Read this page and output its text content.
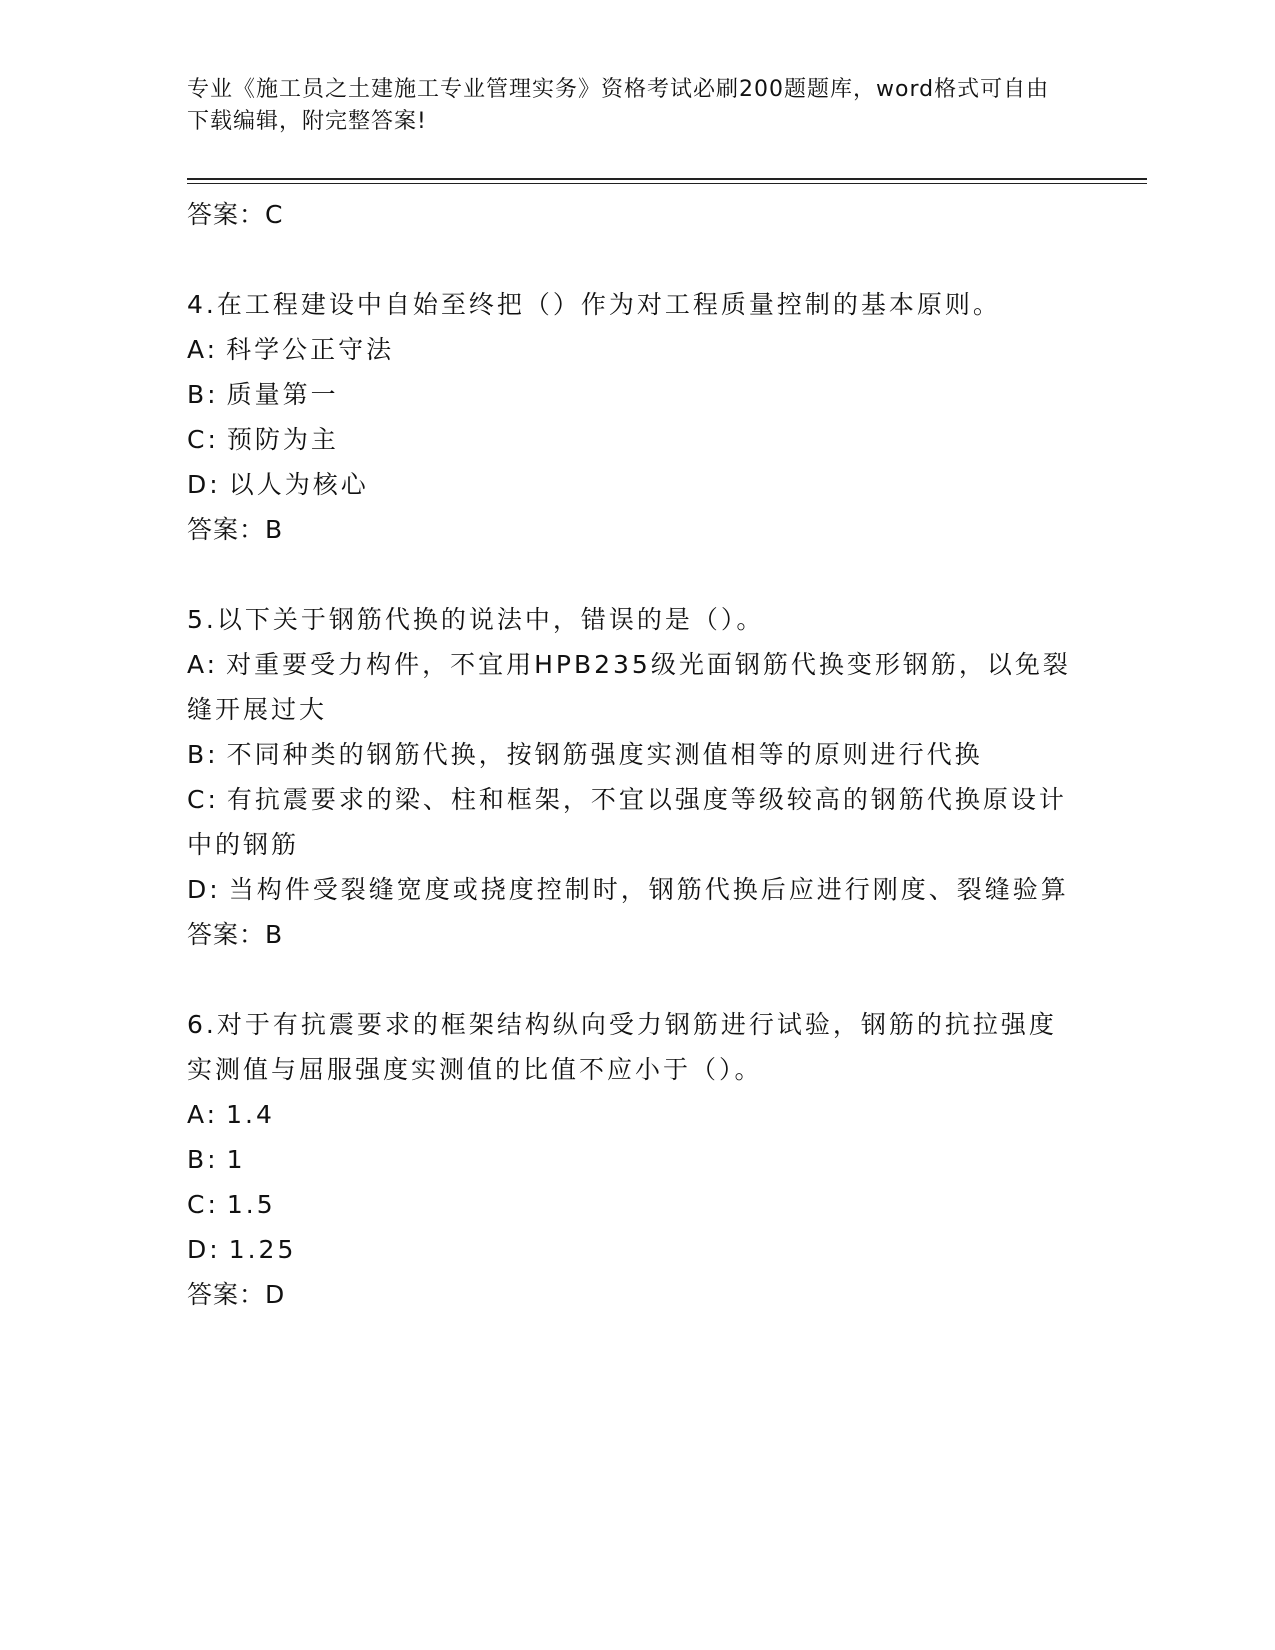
专业《施工员之土建施工专业管理实务》资格考试必刷200题题库，word格式可自由下载编辑，附完整答案!
答案：C
4.在工程建设中自始至终把（）作为对工程质量控制的基本原则。
A: 科学公正守法
B: 质量第一
C: 预防为主
D: 以人为核心
答案：B
5.以下关于钢筋代换的说法中，错误的是（）。
A: 对重要受力构件，不宜用HPB235级光面钢筋代换变形钢筋，以免裂缝开展过大
B: 不同种类的钢筋代换，按钢筋强度实测值相等的原则进行代换
C: 有抗震要求的梁、柱和框架，不宜以强度等级较高的钢筋代换原设计中的钢筋
D: 当构件受裂缝宽度或挠度控制时，钢筋代换后应进行刚度、裂缝验算
答案：B
6.对于有抗震要求的框架结构纵向受力钢筋进行试验，钢筋的抗拉强度实测值与屈服强度实测值的比值不应小于（）。
A: 1.4
B: 1
C: 1.5
D: 1.25
答案：D
